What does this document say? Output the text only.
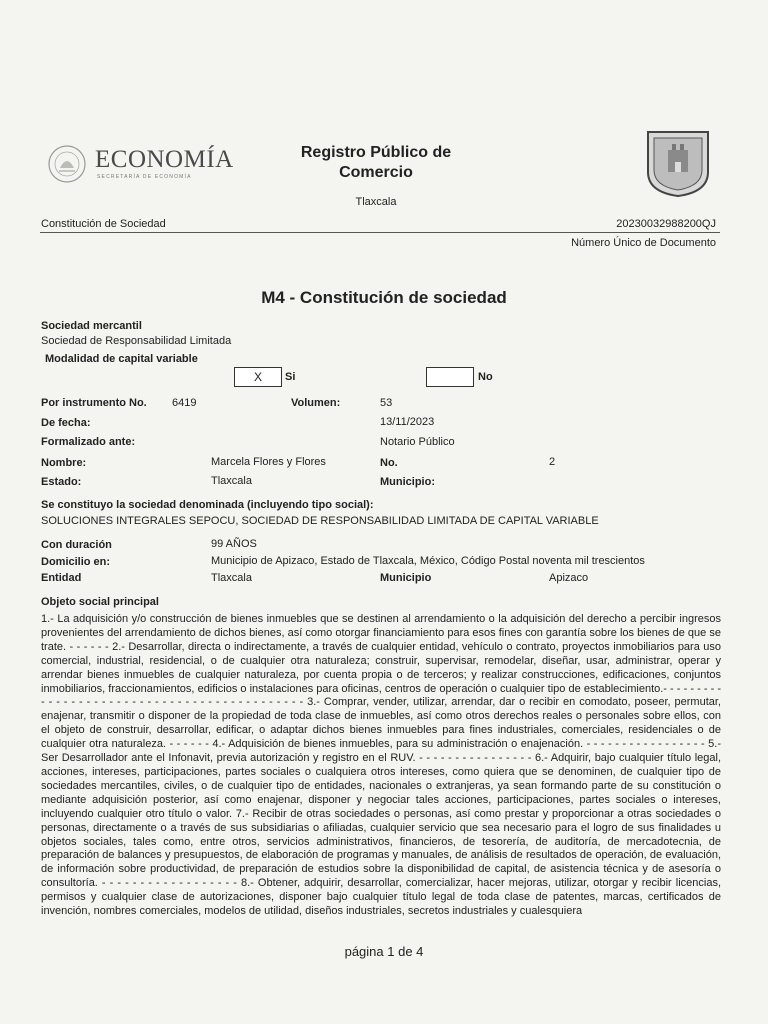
ECONOMÍA
SECRETARÍA DE ECONOMÍA
Registro Público de Comercio
Tlaxcala
Constitución de Sociedad	20230032988200QJ
Número Único de Documento
M4 - Constitución de sociedad
Sociedad mercantil
Sociedad de Responsabilidad Limitada
Modalidad de capital variable
X	Si	No
Por instrumento No. 6419	Volumen:	53
De fecha:	13/11/2023
Formalizado ante:	Notario Público
Nombre:	Marcela Flores y Flores	No.	2
Estado:	Tlaxcala	Municipio:
Se constituyo la sociedad denominada (incluyendo tipo social):
SOLUCIONES INTEGRALES SEPOCU, SOCIEDAD DE RESPONSABILIDAD LIMITADA DE CAPITAL VARIABLE
Con duración	99 AÑOS
Domicilio en:	Municipio de Apizaco, Estado de Tlaxcala, México, Código Postal noventa mil trescientos
Entidad	Tlaxcala	Municipio	Apizaco
Objeto social principal
1.- La adquisición y/o construcción de bienes inmuebles que se destinen al arrendamiento o la adquisición del derecho a percibir ingresos provenientes del arrendamiento de dichos bienes, así como otorgar financiamiento para esos fines con garantía sobre los bienes de que se trate. - - - - - - 2.- Desarrollar, directa o indirectamente, a través de cualquier entidad, vehículo o contrato, proyectos inmobiliarios para uso comercial, industrial, residencial, o de cualquier otra naturaleza; construir, supervisar, remodelar, diseñar, usar, administrar, operar y arrendar bienes inmuebles de cualquier naturaleza, por cuenta propia o de terceros; y realizar construcciones, edificaciones, conjuntos inmobiliarios, fraccionamientos, edificios o instalaciones para oficinas, centros de operación o cualquier tipo de establecimiento.- - - - - - - - - - - - - - - - - - - - - - - - - - - - - - - - - - - - - - - - - - - - 3.- Comprar, vender, utilizar, arrendar, dar o recibir en comodato, poseer, permutar, enajenar, transmitir o disponer de la propiedad de toda clase de inmuebles, así como otros derechos reales o personales sobre ellos, con el objeto de construir, desarrollar, edificar, o adaptar dichos bienes inmuebles para fines industriales, comerciales, residenciales o de cualquier otra naturaleza. - - - - - - 4.- Adquisición de bienes inmuebles, para su administración o enajenación. - - - - - - - - - - - - - - - - - 5.- Ser Desarrollador ante el Infonavit, previa autorización y registro en el RUV. - - - - - - - - - - - - - - - - 6.- Adquirir, bajo cualquier título legal, acciones, intereses, participaciones, partes sociales o cualquiera otros intereses, como quiera que se denominen, de cualquier tipo de sociedades mercantiles, civiles, o de cualquier tipo de entidades, nacionales o extranjeras, ya sean formando parte de su constitución o mediante adquisición posterior, así como enajenar, disponer y negociar tales acciones, participaciones, partes sociales o intereses, incluyendo cualquier otro título o valor. 7.- Recibir de otras sociedades o personas, así como prestar y proporcionar a otras sociedades o personas, directamente o a través de sus subsidiarias o afiliadas, cualquier servicio que sea necesario para el logro de sus finalidades u objetos sociales, tales como, entre otros, servicios administrativos, financieros, de tesorería, de auditoría, de mercadotecnia, de preparación de balances y presupuestos, de elaboración de programas y manuales, de análisis de resultados de operación, de evaluación, de información sobre productividad, de preparación de estudios sobre la disponibilidad de capital, de asistencia técnica y de asesoría o consultoría. - - - - - - - - - - - - - - - - - - 8.- Obtener, adquirir, desarrollar, comercializar, hacer mejoras, utilizar, otorgar y recibir licencias, permisos y cualquier clase de autorizaciones, disponer bajo cualquier título legal de toda clase de patentes, marcas, certificados de invención, nombres comerciales, modelos de utilidad, diseños industriales, secretos industriales y cualesquiera
página 1 de 4
